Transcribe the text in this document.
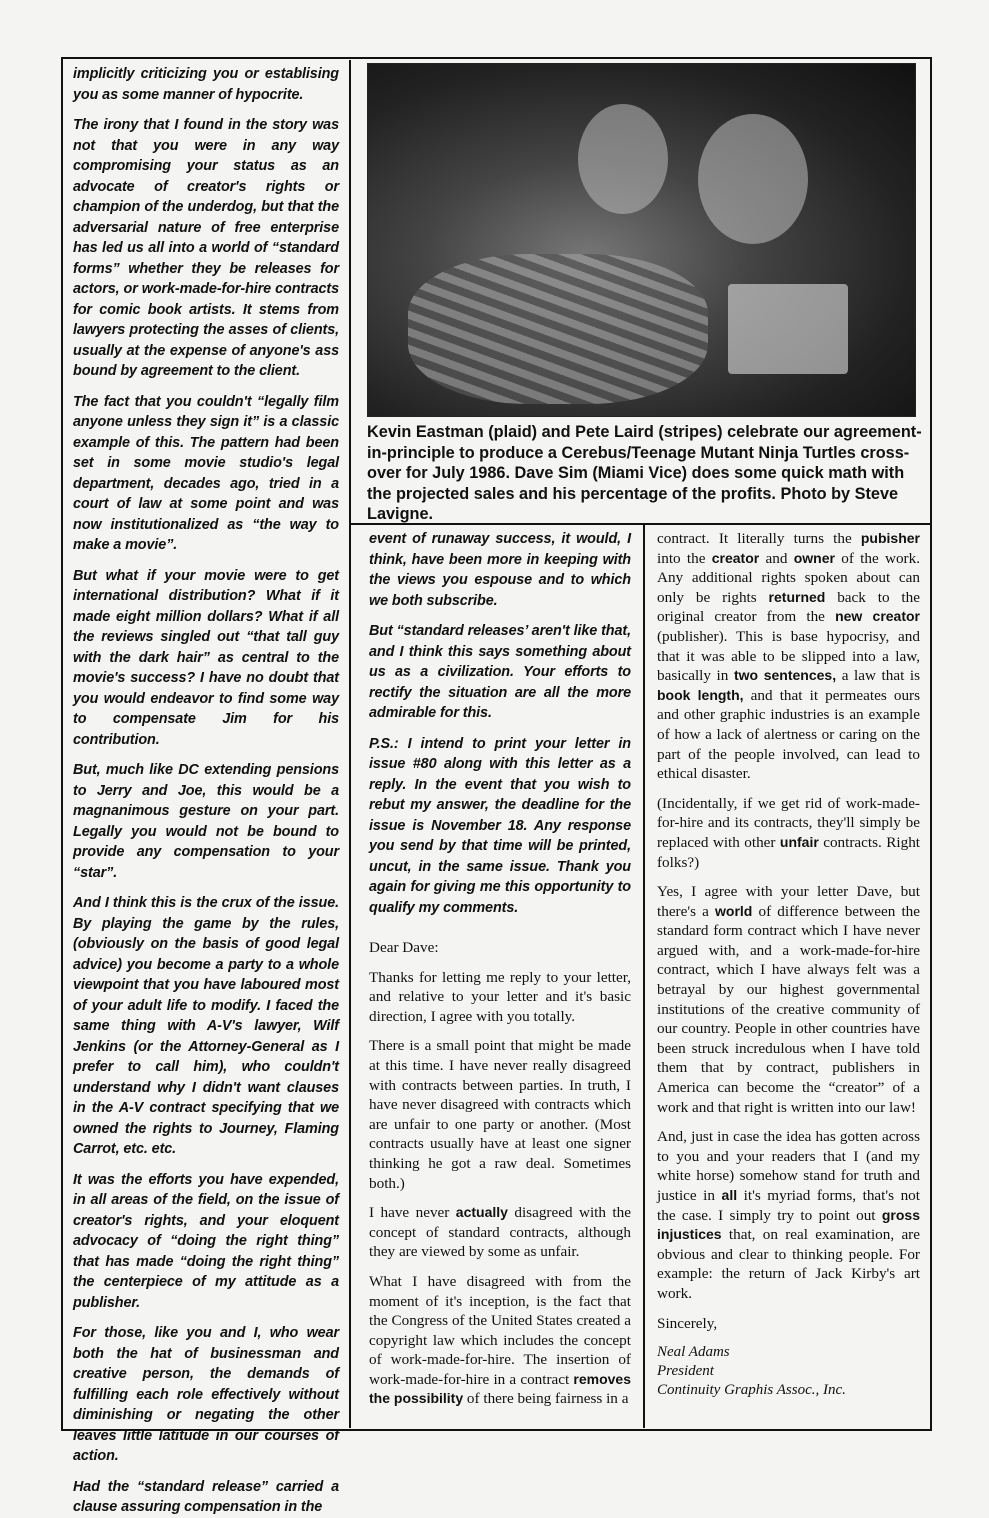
implicitly criticizing you or establising you as some manner of hypocrite.

The irony that I found in the story was not that you were in any way compromising your status as an advocate of creator's rights or champion of the underdog, but that the adversarial nature of free enterprise has led us all into a world of “standard forms” whether they be releases for actors, or work-made-for-hire contracts for comic book artists. It stems from lawyers protecting the asses of clients, usually at the expense of anyone's ass bound by agreement to the client.

The fact that you couldn't “legally film anyone unless they sign it” is a classic example of this. The pattern had been set in some movie studio's legal department, decades ago, tried in a court of law at some point and was now institutionalized as “the way to make a movie”.

But what if your movie were to get international distribution? What if it made eight million dollars? What if all the reviews singled out “that tall guy with the dark hair” as central to the movie's success? I have no doubt that you would endeavor to find some way to compensate Jim for his contribution.

But, much like DC extending pensions to Jerry and Joe, this would be a magnanimous gesture on your part. Legally you would not be bound to provide any compensation to your “star”.

And I think this is the crux of the issue. By playing the game by the rules, (obviously on the basis of good legal advice) you become a party to a whole viewpoint that you have laboured most of your adult life to modify. I faced the same thing with A-V's lawyer, Wilf Jenkins (or the Attorney-General as I prefer to call him), who couldn't understand why I didn't want clauses in the A-V contract specifying that we owned the rights to Journey, Flaming Carrot, etc. etc.

It was the efforts you have expended, in all areas of the field, on the issue of creator's rights, and your eloquent advocacy of “doing the right thing” that has made “doing the right thing” the centerpiece of my attitude as a publisher.

For those, like you and I, who wear both the hat of businessman and creative person, the demands of fulfilling each role effectively without diminishing or negating the other leaves little latitude in our courses of action.

Had the “standard release” carried a clause assuring compensation in the

Kevin Eastman (plaid) and Pete Laird (stripes) celebrate our agreement-in-principle to produce a Cerebus/Teenage Mutant Ninja Turtles cross-over for July 1986. Dave Sim (Miami Vice) does some quick math with the projected sales and his percentage of the profits. Photo by Steve Lavigne.

event of runaway success, it would, I think, have been more in keeping with the views you espouse and to which we both subscribe.

But “standard releases’ aren't like that, and I think this says something about us as a civilization. Your efforts to rectify the situation are all the more admirable for this.

P.S.: I intend to print your letter in issue #80 along with this letter as a reply. In the event that you wish to rebut my answer, the deadline for the issue is November 18. Any response you send by that time will be printed, uncut, in the same issue. Thank you again for giving me this opportunity to qualify my comments.

Dear Dave:

Thanks for letting me reply to your letter, and relative to your letter and it's basic direction, I agree with you totally.

There is a small point that might be made at this time. I have never really disagreed with contracts between parties. In truth, I have never disagreed with contracts which are unfair to one party or another. (Most contracts usually have at least one signer thinking he got a raw deal. Sometimes both.)

I have never actually disagreed with the concept of standard contracts, although they are viewed by some as unfair.

What I have disagreed with from the moment of it's inception, is the fact that the Congress of the United States created a copyright law which includes the concept of work-made-for-hire. The insertion of work-made-for-hire in a contract removes the possibility of there being fairness in a

contract. It literally turns the pubisher into the creator and owner of the work. Any additional rights spoken about can only be rights returned back to the original creator from the new creator (publisher). This is base hypocrisy, and that it was able to be slipped into a law, basically in two sentences, a law that is book length, and that it permeates ours and other graphic industries is an example of how a lack of alertness or caring on the part of the people involved, can lead to ethical disaster.

(Incidentally, if we get rid of work-made-for-hire and its contracts, they'll simply be replaced with other unfair contracts. Right folks?)

Yes, I agree with your letter Dave, but there's a world of difference between the standard form contract which I have never argued with, and a work-made-for-hire contract, which I have always felt was a betrayal by our highest governmental institutions of the creative community of our country. People in other countries have been struck incredulous when I have told them that by contract, publishers in America can become the “creator” of a work and that right is written into our law!

And, just in case the idea has gotten across to you and your readers that I (and my white horse) somehow stand for truth and justice in all it's myriad forms, that's not the case. I simply try to point out gross injustices that, on real examination, are obvious and clear to thinking people. For example: the return of Jack Kirby's art work.

Sincerely,

Neal Adams

President

Continuity Graphis Assoc., Inc.
